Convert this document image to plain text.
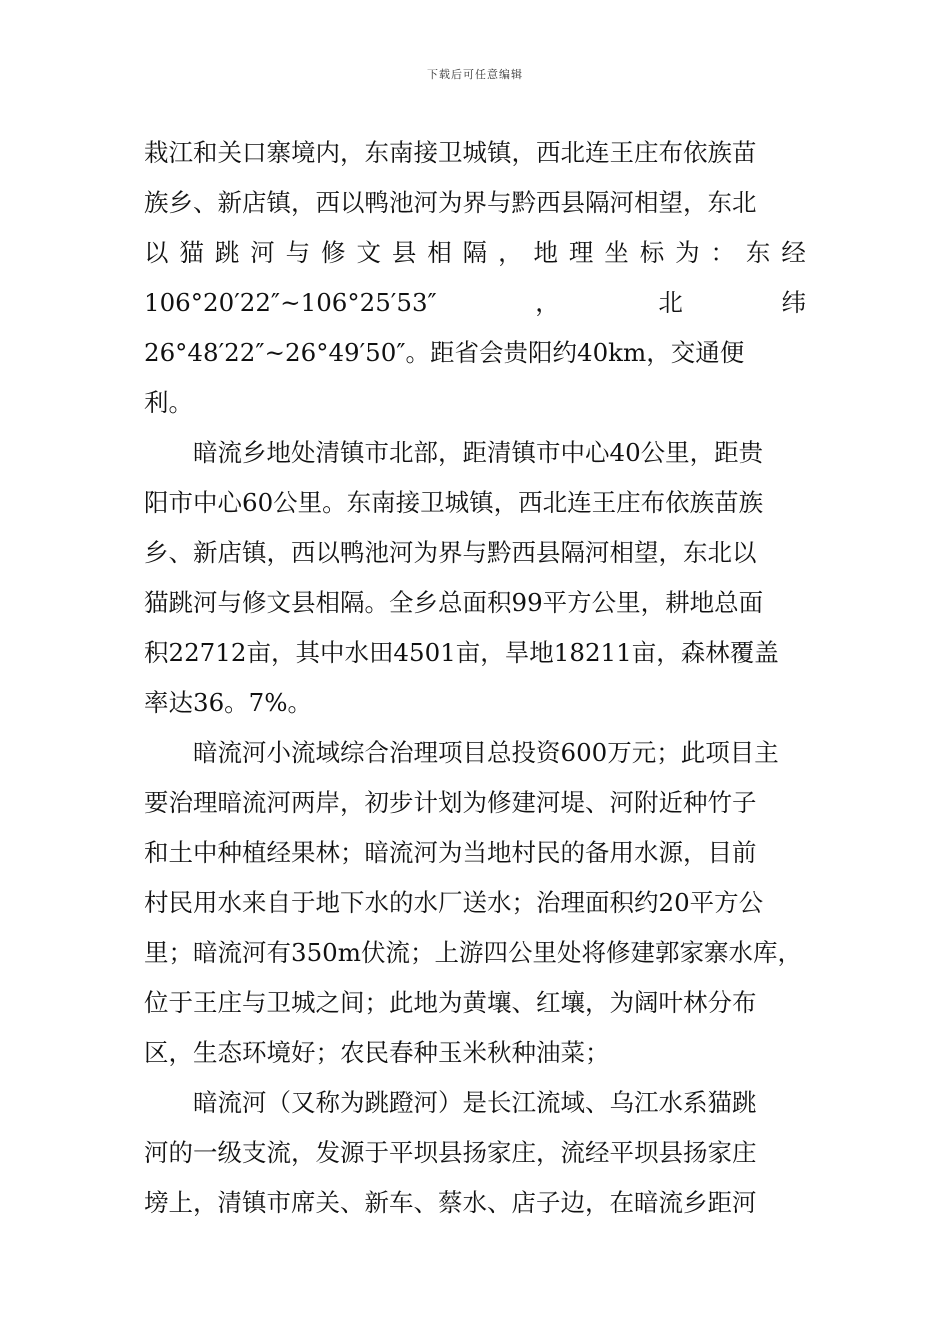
下载后可任意编辑
栽江和关口寨境内，东南接卫城镇，西北连王庄布依族苗
族乡、新店镇，西以鸭池河为界与黔西县隔河相望，东北
以 猫 跳 河 与 修 文 县 相 隔 ， 地 理 坐 标 为 ： 东 经
106°20′22″~106°25′53″	，	北	纬
26°48′22″~26°49′50″。距省会贵阳约40km，交通便
利。
暗流乡地处清镇市北部，距清镇市中心40公里，距贵
阳市中心60公里。东南接卫城镇，西北连王庄布依族苗族
乡、新店镇，西以鸭池河为界与黔西县隔河相望，东北以
猫跳河与修文县相隔。全乡总面积99平方公里，耕地总面
积22712亩，其中水田4501亩，旱地18211亩，森林覆盖
率达36。7%。
暗流河小流域综合治理项目总投资600万元；此项目主
要治理暗流河两岸，初步计划为修建河堤、河附近种竹子
和土中种植经果林；暗流河为当地村民的备用水源，目前
村民用水来自于地下水的水厂送水；治理面积约20平方公
里；暗流河有350m伏流；上游四公里处将修建郭家寨水库，
位于王庄与卫城之间；此地为黄壤、红壤，为阔叶林分布
区，生态环境好；农民春种玉米秋种油菜；
暗流河（又称为跳蹬河）是长江流域、乌江水系猫跳
河的一级支流，发源于平坝县扬家庄，流经平坝县扬家庄
塝上，清镇市席关、新车、蔡水、店子边，在暗流乡距河
